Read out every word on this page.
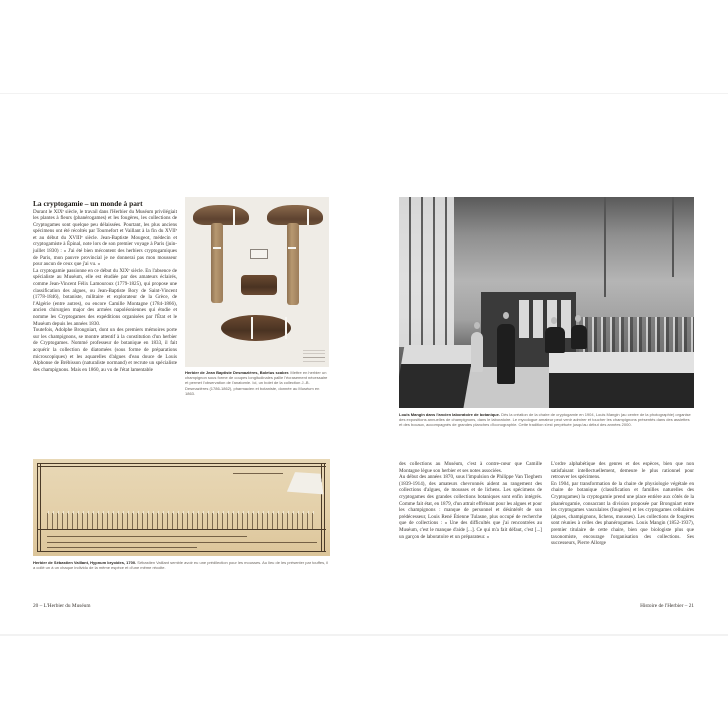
La cryptogamie – un monde à part

Durant le XIXᵉ siècle, le travail dans l'Herbier du Muséum privilégiait les plantes à fleurs (phanérogames) et les fougères, les collections de Cryptogames sont quelque peu délaissées. Pourtant, les plus anciens spécimens ont été récoltés par Tournefort et Vaillant à la fin du XVIIᵉ et au début du XVIIIᵉ siècle. Jean-Baptiste Mougeot, médecin et cryptogamiste à Épinal, note lors de son premier voyage à Paris (juin-juillet 1830) : « J'ai été bien mécontent des herbiers cryptogamiques de Paris, mon pauvre provincial je ne donnerai pas mon mousseur pour aucun de ceux que j'ai vu. »

La cryptogamie passionne en ce début du XIXᵉ siècle. En l'absence de spécialiste au Muséum, elle est étudiée par des amateurs éclairés, comme Jean-Vincent Félix Lamouroux (1779-1825), qui propose une classification des algues, ou Jean-Baptiste Bory de Saint-Vincent (1778-1846), botaniste, militaire et explorateur de la Grèce, de l'Algérie (entre autres), ou encore Camille Montagne (1784-1866), ancien chirurgien major des armées napoléoniennes qui étudie et nomme les Cryptogames des expéditions organisées par l'État et le Muséum depuis les années 1830.

Toutefois, Adolphe Brongniart, dont un des premiers mémoires porte sur les champignons, se montre attentif à la constitution d'un herbier de Cryptogames. Nommé professeur de botanique en 1833, il fait acquérir la collection de diatomées (sous forme de préparations microscopiques) et les aquarelles d'algues d'eau douce de Louis Alphonse de Brébisson (naturaliste normand) et recrute un spécialiste des champignons. Mais en 1860, au vu de l'état lamentable	Herbier de Jean Baptiste Desmazières, Boletus scaber. Mettre en herbier un champignon sous forme de coupes longitudinales pallie l'écrasement nécessaire et permet l'observation de l'anatomie. Ici, un bolet de la collection J.-B. Desmazières (1786-1862), pharmacien et botaniste, donnée au Muséum en 1863.
Herbier de Sébastien Vaillant, Hypnum bryoides, 1700. Sébastien Vaillant semble avoir eu une prédilection pour les mousses. Au lieu de les présenter par touffes, il a collé un à un chaque individu de la même espèce et d'une même récolte.
20 – L'Herbier du Muséum
Louis Mangin dans l'ancien laboratoire de botanique. Dès la création de la chaire de cryptogamie en 1904, Louis Mangin (au centre de la photographie) organise des expositions annuelles de champignons, dans le laboratoire. Le mycologue amateur peut venir admirer et toucher les champignons présentés dans des assiettes et des bocaux, accompagnés de grandes planches d'iconographie. Cette tradition s'est perpétuée jusqu'au début des années 2000.

des collections au Muséum, c'est à contre-cœur que Camille Montagne lègue son herbier et ses notes associées.

Au début des années 1870, sous l'impulsion de Philippe Van Tieghem (1839-1914), des amateurs chevronnés aident au rangement des collections d'algues, de mousses et de lichens. Les spécimens de cryptogames des grandes collections botaniques sont enfin intégrés. Comme fait état, en 1879, d'un attrait effrénant pour les algues et pour les champignons : manque de personnel et désintérêt de son prédécesseur, Louis René Étienne Tulasne, plus occupé de recherche que de collections : « Une des difficultés que j'ai rencontrées au Muséum, c'est le manque d'aide [...]. Ce qui m'a fait défaut, c'est [...] un garçon de laboratoire et un préparateur. »

L'ordre alphabétique des genres et des espèces, bien que non satisfaisant intellectuellement, demeure le plus rationnel pour retrouver les spécimens.

En 1904, par transformation de la chaire de physiologie végétale en chaire de botanique (classification et familles naturelles des Cryptogames) la cryptogamie prend une place entière aux côtés de la phanérogamie, consacrant la division proposée par Brongniart entre les cryptogames vasculaires (fougères) et les cryptogames cellulaires (algues, champignons, lichens, mousses). Les collections de fougères sont réunies à celles des phanérogames. Louis Mangin (1852-1937), premier titulaire de cette chaire, bien que biologiste plus que taxonomiste, encourage l'organisation des collections. Ses successeurs, Pierre Allorge

Histoire de l'Herbier – 21
